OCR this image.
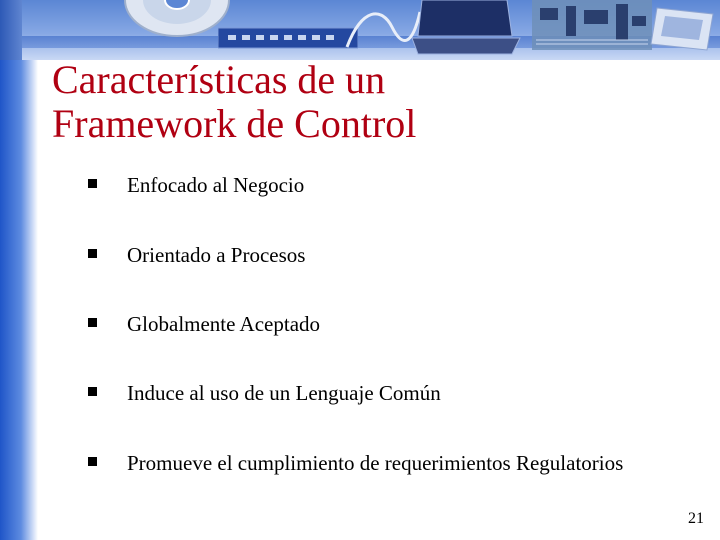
Características de un
Framework de Control
Enfocado al Negocio
Orientado a Procesos
Globalmente Aceptado
Induce al uso de un Lenguaje Común
Promueve el cumplimiento de requerimientos Regulatorios
21
